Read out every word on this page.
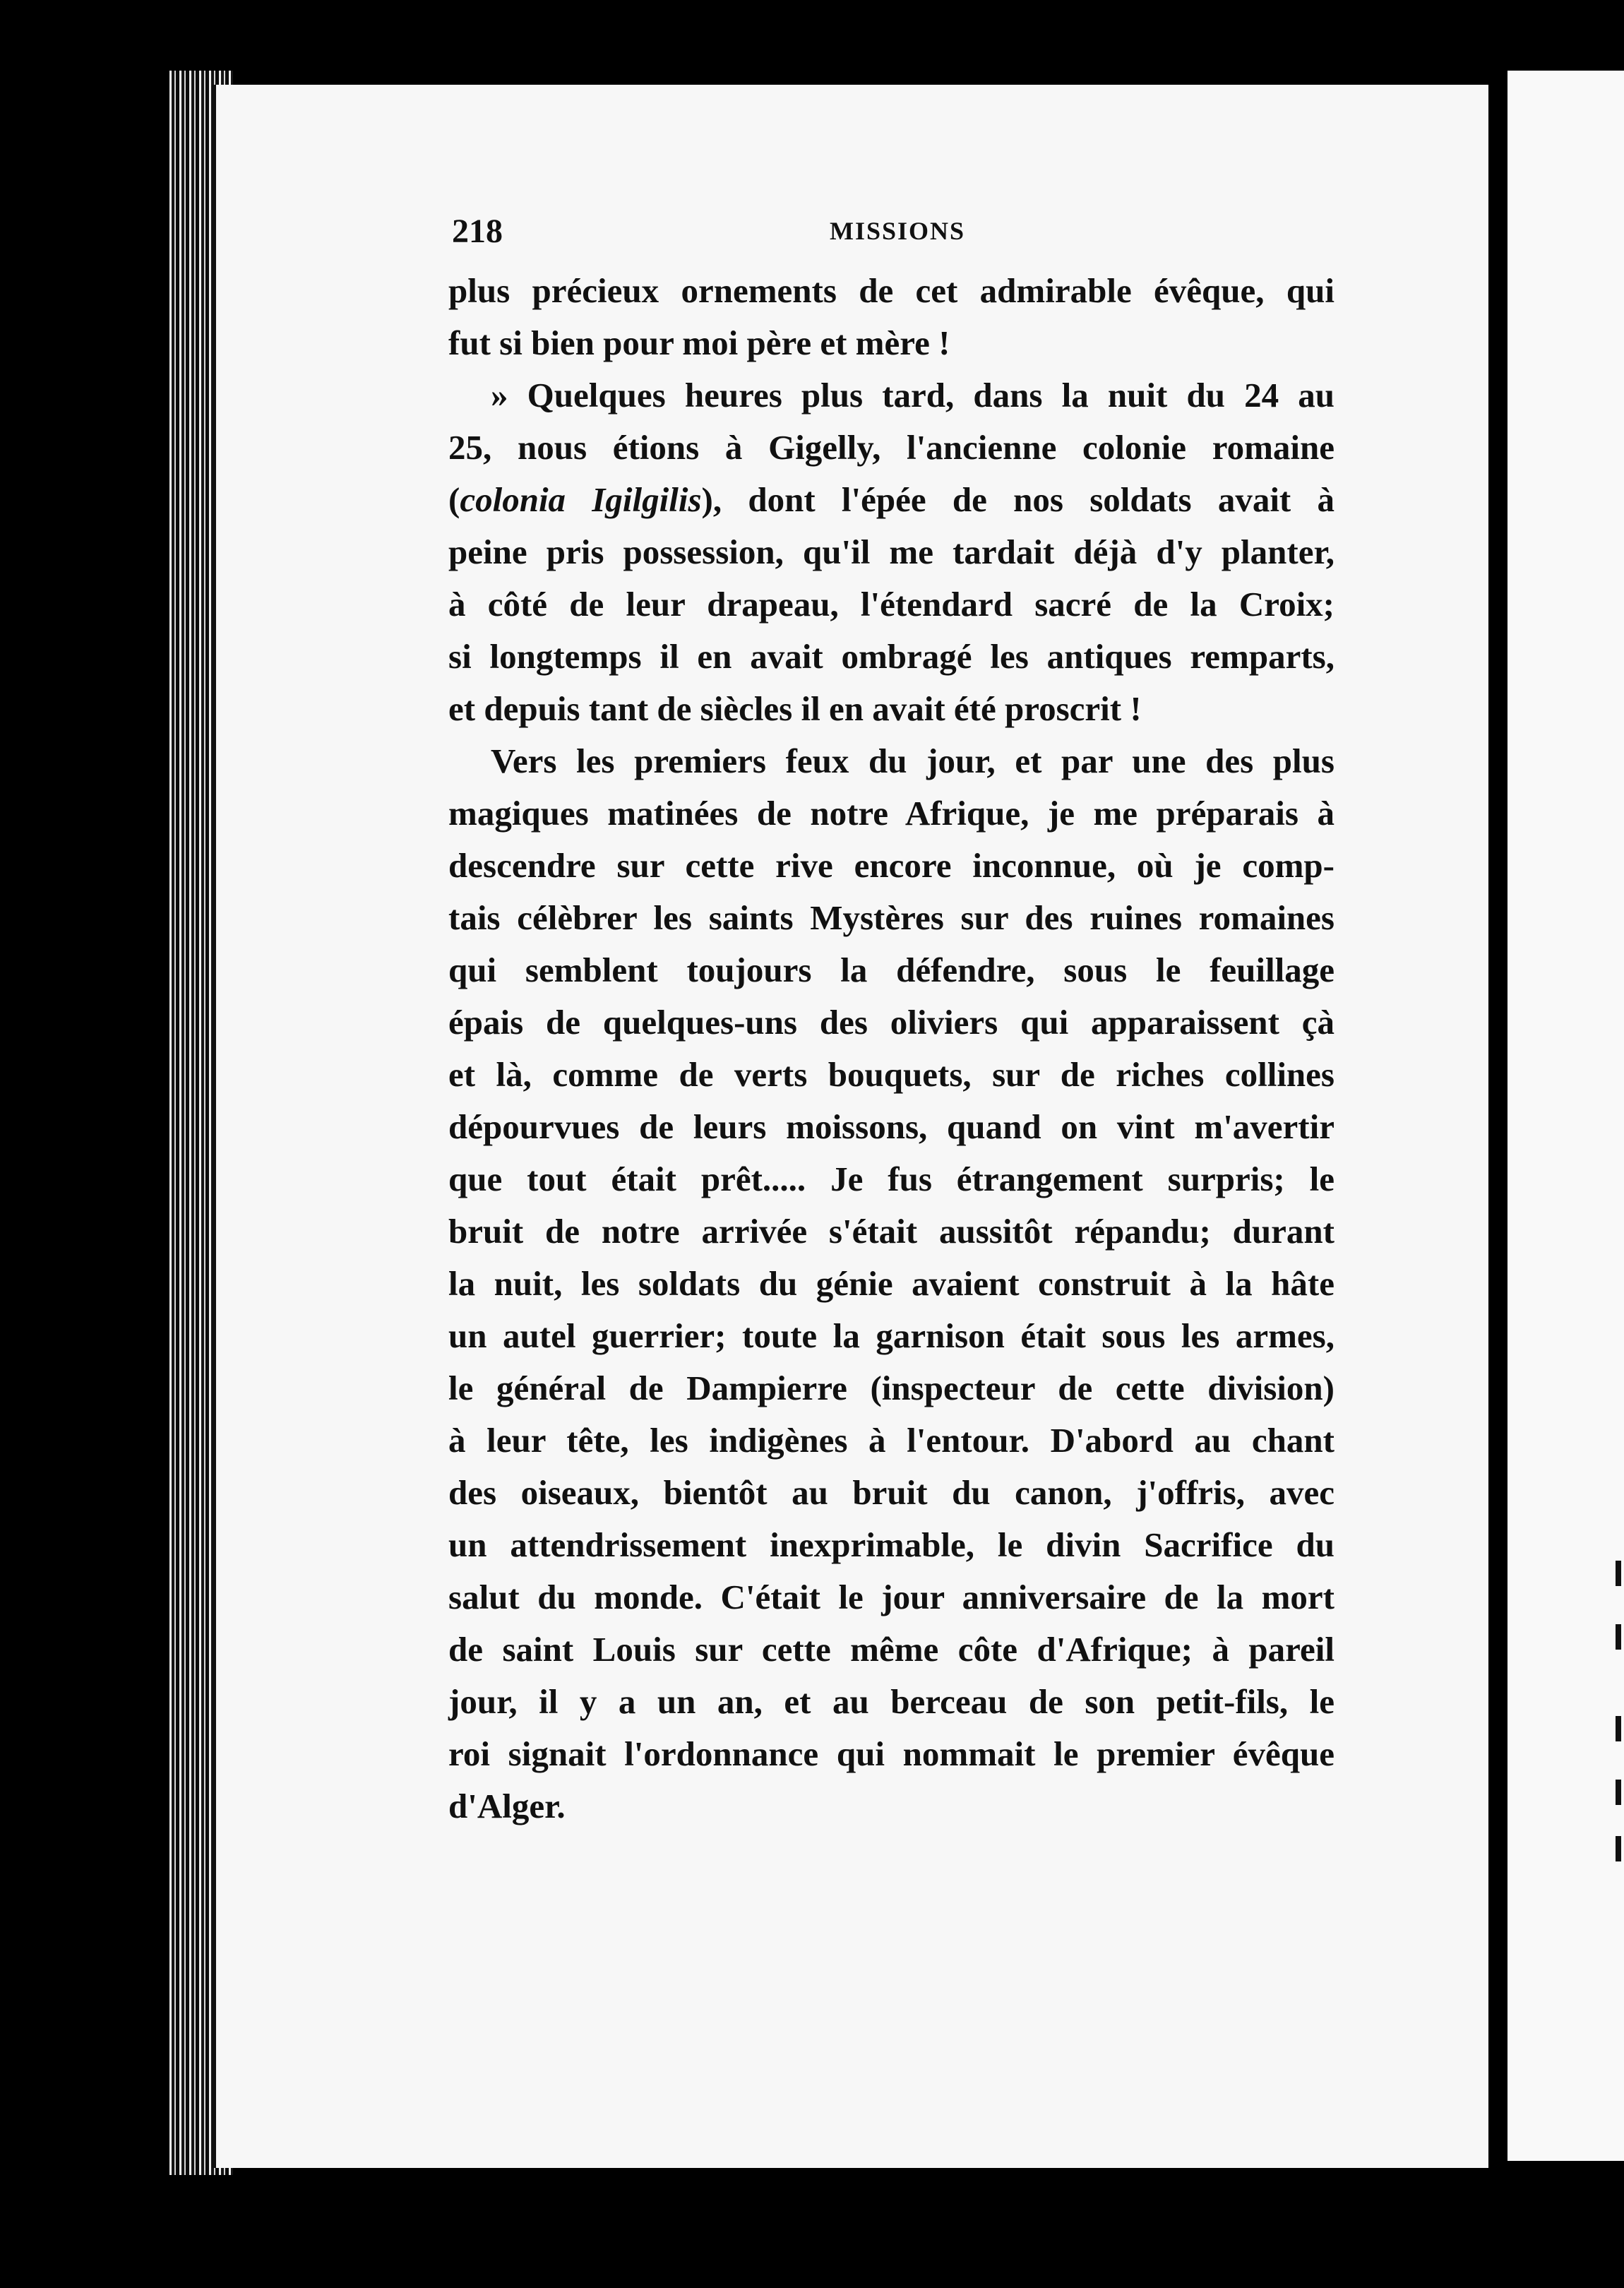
218	MISSIONS
plus précieux ornements de cet admirable évêque, qui
fut si bien pour moi père et mère !
» Quelques heures plus tard, dans la nuit du 24 au
25, nous étions à Gigelly, l'ancienne colonie romaine
(colonia Igilgilis), dont l'épée de nos soldats avait à
peine pris possession, qu'il me tardait déjà d'y planter,
à côté de leur drapeau, l'étendard sacré de la Croix;
si longtemps il en avait ombragé les antiques remparts,
et depuis tant de siècles il en avait été proscrit !
Vers les premiers feux du jour, et par une des plus
magiques matinées de notre Afrique, je me préparais à
descendre sur cette rive encore inconnue, où je comp-
tais célèbrer les saints Mystères sur des ruines romaines
qui semblent toujours la défendre, sous le feuillage
épais de quelques-uns des oliviers qui apparaissent çà
et là, comme de verts bouquets, sur de riches collines
dépourvues de leurs moissons, quand on vint m'avertir
que tout était prêt..... Je fus étrangement surpris; le
bruit de notre arrivée s'était aussitôt répandu; durant
la nuit, les soldats du génie avaient construit à la hâte
un autel guerrier; toute la garnison était sous les armes,
le général de Dampierre (inspecteur de cette division)
à leur tête, les indigènes à l'entour. D'abord au chant
des oiseaux, bientôt au bruit du canon, j'offris, avec
un attendrissement inexprimable, le divin Sacrifice du
salut du monde. C'était le jour anniversaire de la mort
de saint Louis sur cette même côte d'Afrique; à pareil
jour, il y a un an, et au berceau de son petit-fils, le
roi signait l'ordonnance qui nommait le premier évêque
d'Alger.
